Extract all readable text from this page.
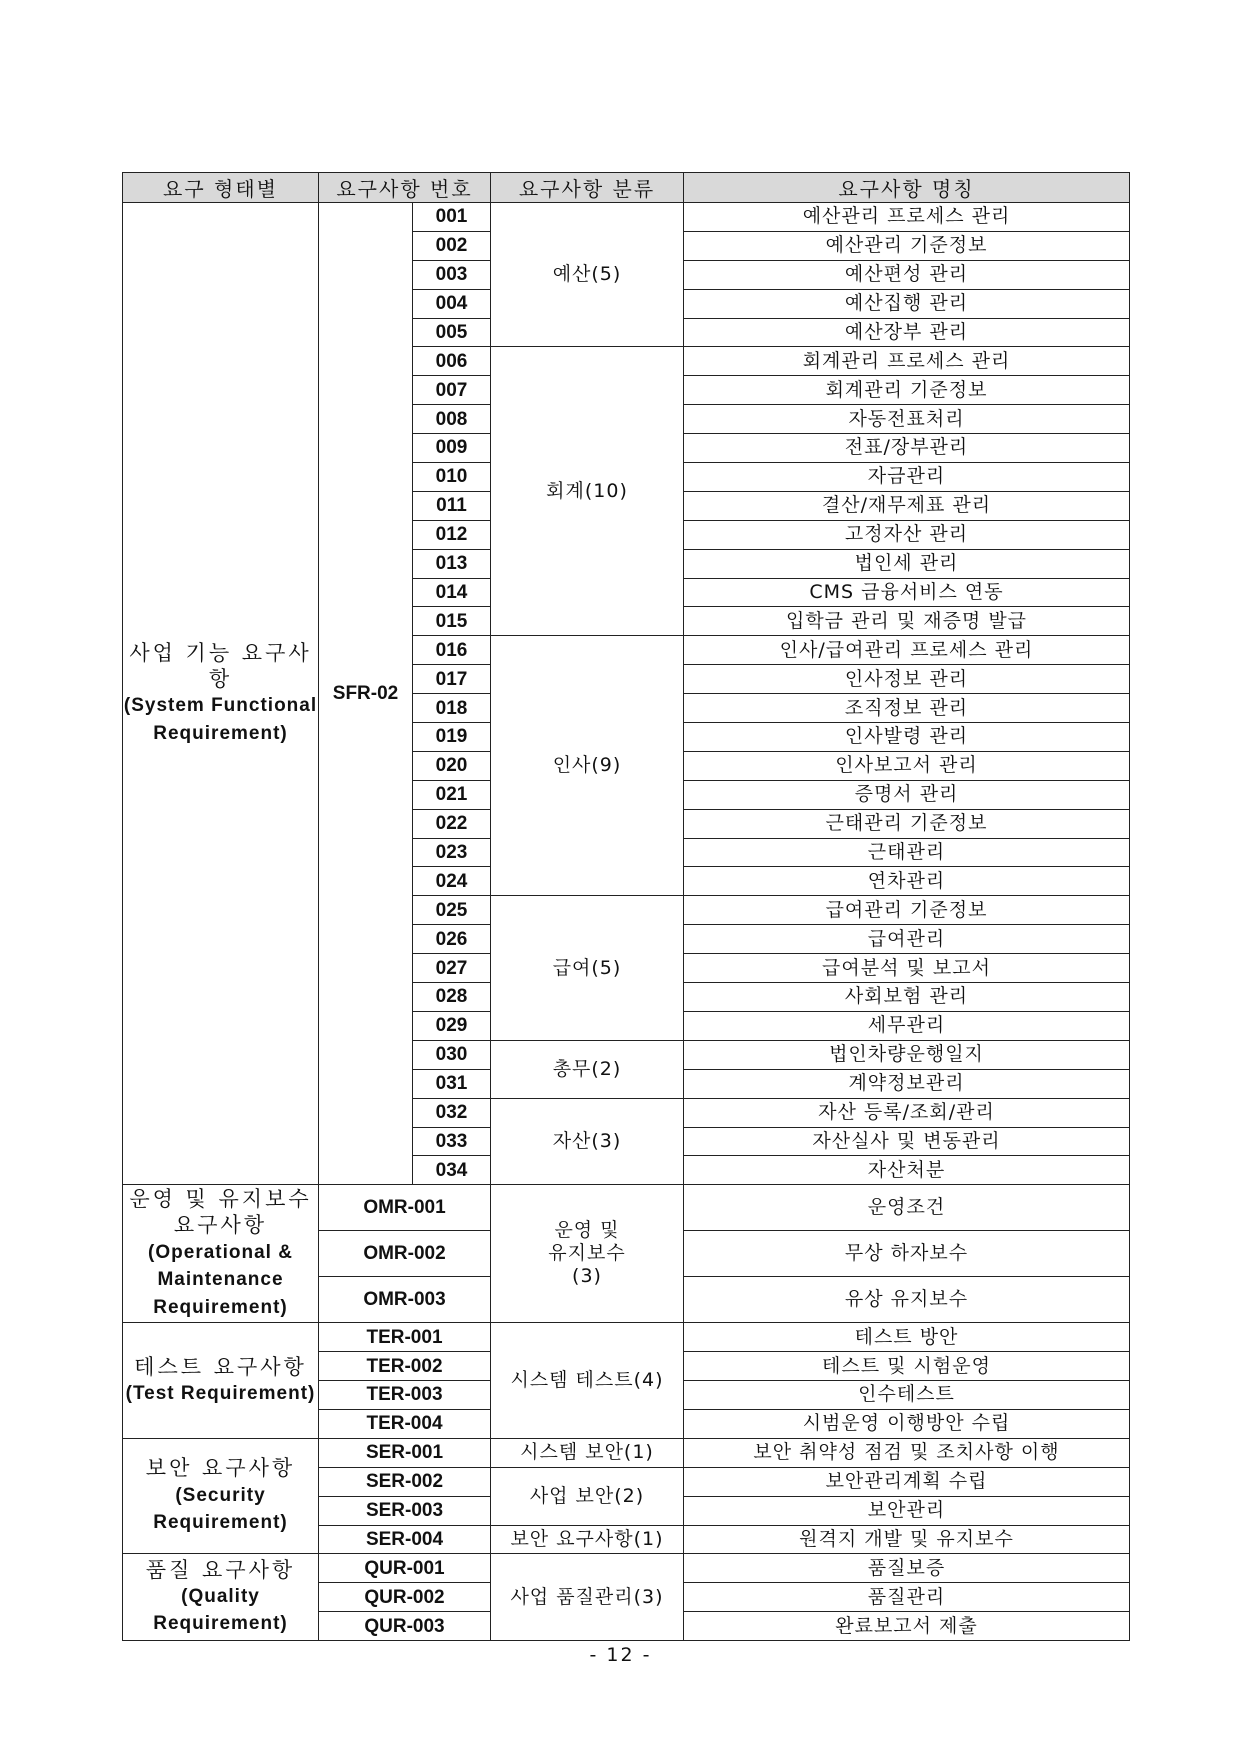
요구 형태별	요구사항 번호		요구사항 분류	요구사항 명칭

사업 기능 요구사항
(System Functional Requirement)	SFR-02	001	예산(5)	예산관리 프로세스 관리
		002		예산관리 기준정보
		003		예산편성 관리
		004		예산집행 관리
		005		예산장부 관리
		006	회계(10)	회계관리 프로세스 관리
		007		회계관리 기준정보
		008		자동전표처리
		009		전표/장부관리
		010		자금관리
		011		결산/재무제표 관리
		012		고정자산 관리
		013		법인세 관리
		014		CMS 금융서비스 연동
		015		입학금 관리 및 재증명 발급
		016	인사(9)	인사/급여관리 프로세스 관리
		017		인사정보 관리
		018		조직정보 관리
		019		인사발령 관리
		020		인사보고서 관리
		021		증명서 관리
		022		근태관리 기준정보
		023		근태관리
		024		연차관리
		025	급여(5)	급여관리 기준정보
		026		급여관리
		027		급여분석 및 보고서
		028		사회보험 관리
		029		세무관리
		030	총무(2)	법인차량운행일지
		031		계약정보관리
		032	자산(3)	자산 등록/조회/관리
		033		자산실사 및 변동관리
		034		자산처분

운영 및 유지보수 요구사항
(Operational & Maintenance Requirement)	OMR-001		운영 및 유지보수(3)	운영조건
	OMR-002			무상 하자보수
	OMR-003			유상 유지보수

테스트 요구사항
(Test Requirement)	TER-001		시스템 테스트(4)	테스트 방안
	TER-002			테스트 및 시험운영
	TER-003			인수테스트
	TER-004			시범운영 이행방안 수립

보안 요구사항
(Security Requirement)	SER-001		시스템 보안(1)	보안 취약성 점검 및 조치사항 이행
	SER-002		사업 보안(2)	보안관리계획 수립
	SER-003			보안관리
	SER-004		보안 요구사항(1)	원격지 개발 및 유지보수

품질 요구사항
(Quality Requirement)	QUR-001		사업 품질관리(3)	품질보증
	QUR-002			품질관리
	QUR-003			완료보고서 제출
- 12 -
